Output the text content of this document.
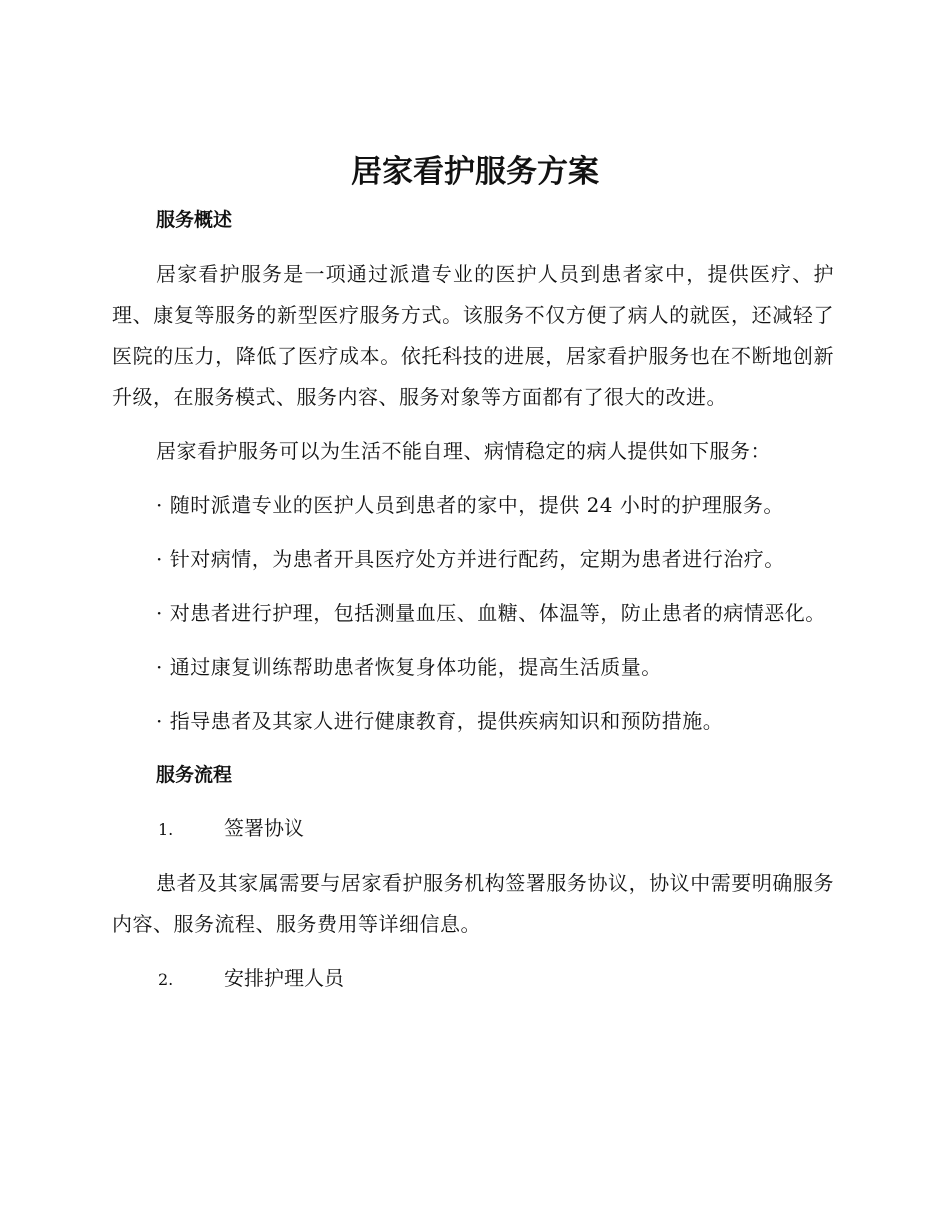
居家看护服务方案

服务概述

居家看护服务是一项通过派遣专业的医护人员到患者家中，提供医疗、护理、康复等服务的新型医疗服务方式。该服务不仅方便了病人的就医，还减轻了医院的压力，降低了医疗成本。依托科技的进展，居家看护服务也在不断地创新升级，在服务模式、服务内容、服务对象等方面都有了很大的改进。

居家看护服务可以为生活不能自理、病情稳定的病人提供如下服务：

· 随时派遣专业的医护人员到患者的家中，提供 24 小时的护理服务。

· 针对病情，为患者开具医疗处方并进行配药，定期为患者进行治疗。

· 对患者进行护理，包括测量血压、血糖、体温等，防止患者的病情恶化。

· 通过康复训练帮助患者恢复身体功能，提高生活质量。

· 指导患者及其家人进行健康教育，提供疾病知识和预防措施。

服务流程

1.	签署协议

患者及其家属需要与居家看护服务机构签署服务协议，协议中需要明确服务内容、服务流程、服务费用等详细信息。

2.	安排护理人员
